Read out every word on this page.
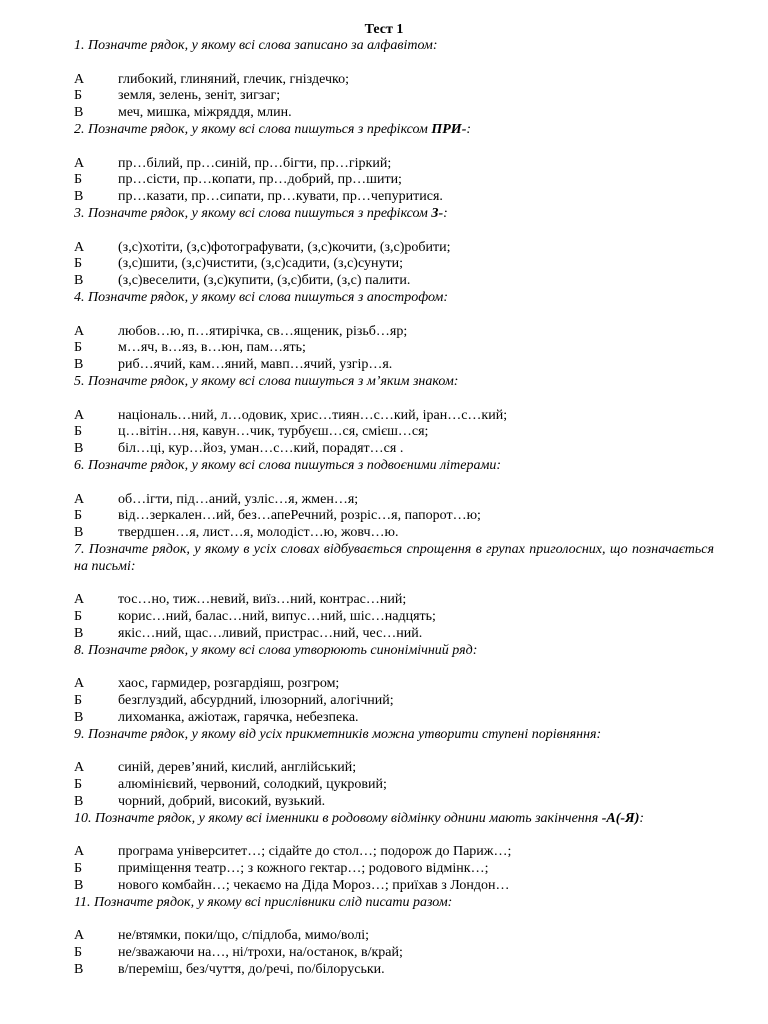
Тест 1
1. Позначте рядок, у якому всі слова записано за алфавітом:
А	глибокий, глиняний, глечик, гніздечко;
Б	земля, зелень, зеніт, зигзаг;
В	меч, мишка, міжряддя, млин.
2. Позначте рядок, у якому всі слова пишуться з префіксом ПРИ-:
А	пр…білий, пр…синій, пр…бігти, пр…гіркий;
Б	пр…сісти, пр…копати, пр…добрий, пр…шити;
В	пр…казати, пр…сипати, пр…кувати, пр…чепуритися.
3. Позначте рядок, у якому всі слова пишуться з префіксом З-:
А	(з,с)хотіти, (з,с)фотографувати, (з,с)кочити, (з,с)робити;
Б	(з,с)шити, (з,с)чистити, (з,с)садити, (з,с)сунути;
В	(з,с)веселити, (з,с)купити, (з,с)бити, (з,с) палити.
4. Позначте рядок, у якому всі слова пишуться з апострофом:
А	любов…ю, п…ятирічка, св…ященик, різьб…яр;
Б	м…яч, в…яз, в…юн, пам…ять;
В	риб…ячий, кам…яний, мавп…ячий, узгір…я.
5. Позначте рядок, у якому всі слова пишуться з м’яким знаком:
А	національ…ний, л…одовик, хрис…тиян…с…кий, іран…с…кий;
Б	ц…вітін…ня, кавун…чик, турбуєш…ся, смієш…ся;
В	біл…ці, кур…йоз, уман…с…кий, порадят…ся .
6. Позначте рядок, у якому всі слова пишуться з подвоєними літерами:
А	об…ігти, під…аний, узліс…я, жмен…я;
Б	від…зеркален…ий, без…апеРечний, розріс…я, папорот…ю;
В	твердшен…я, лист…я, молодіст…ю, жовч…ю.
7. Позначте рядок, у якому в усіх словах відбувається спрощення в групах приголосних, що позначається на письмі:
А	тос…но, тиж…невий, виїз…ний, контрас…ний;
Б	корис…ний, балас…ний, випус…ний, шіс…надцять;
В	якіс…ний, щас…ливий, пристрас…ний, чес…ний.
8. Позначте рядок, у якому всі слова утворюють синонімічний ряд:
А	хаос, гармидер, розгардіяш, розгром;
Б	безглуздий, абсурдний, ілюзорний, алогічний;
В	лихоманка, ажіотаж, гарячка, небезпека.
9. Позначте рядок, у якому від усіх прикметників можна утворити ступені порівняння:
А	синій, дерев’яний, кислий, англійський;
Б	алюмінієвий, червоний, солодкий, цукровий;
В	чорний, добрий, високий, вузький.
10. Позначте рядок, у якому всі іменники в родовому відмінку однини мають закінчення -А(-Я):
А	програма університет…; сідайте до стол…; подорож до Париж…;
Б	приміщення театр…; з кожного гектар…; родового відмінк…;
В	нового комбайн…; чекаємо на Діда Мороз…; приїхав з Лондон…
11. Позначте рядок, у якому всі прислівники слід писати разом:
А	не/втямки, поки/що, с/підлоба, мимо/волі;
Б	не/зважаючи на…, ні/трохи, на/останок, в/край;
В	в/переміш, без/чуття, до/речі, по/білоруськи.
